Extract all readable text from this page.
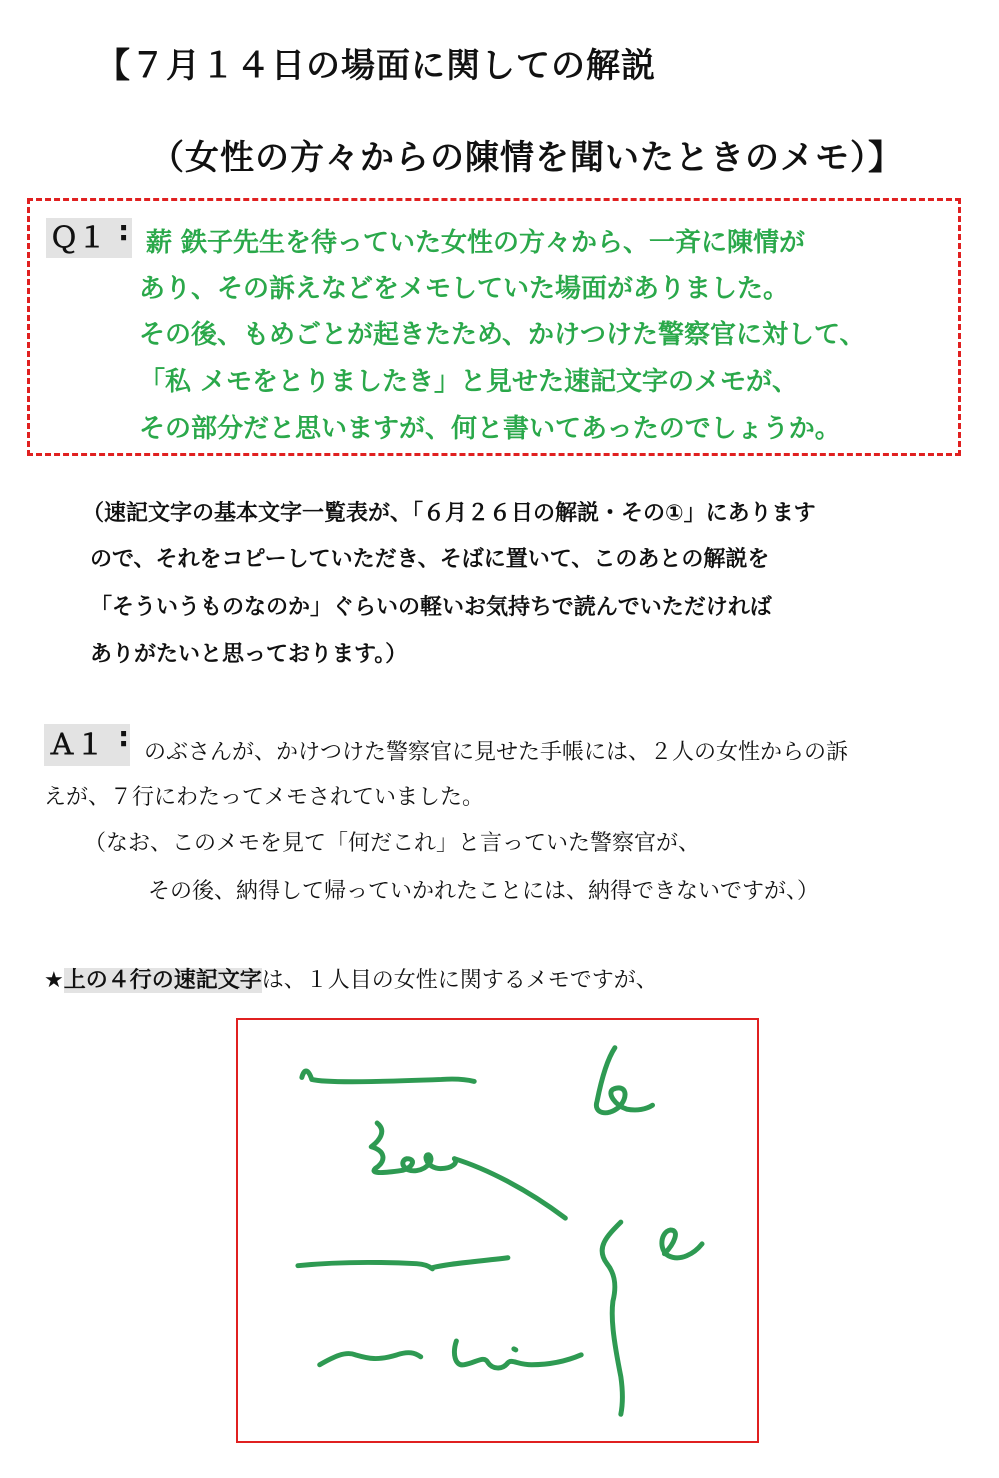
【７月１４日の場面に関しての解説
（女性の方々からの陳情を聞いたときのメモ）】
Ｑ１ : 薪 鉄子先生を待っていた女性の方々から、一斉に陳情が
あり、その訴えなどをメモしていた場面がありました。
その後、もめごとが起きたため、かけつけた警察官に対して、
「私 メモをとりましたき」と見せた速記文字のメモが、
その部分だと思いますが、何と書いてあったのでしょうか。
（速記文字の基本文字一覧表が、「６月２６日の解説・その①」にあります
ので、それをコピーしていただき、そばに置いて、このあとの解説を
「そういうものなのか」ぐらいの軽いお気持ちで読んでいただければ
ありがたいと思っております。）
Ａ１ : のぶさんが、かけつけた警察官に見せた手帳には、２人の女性からの訴
えが、７行にわたってメモされていました。
（なお、このメモを見て「何だこれ」と言っていた警察官が、
その後、納得して帰っていかれたことには、納得できないですが、）
★上の４行の速記文字は、１人目の女性に関するメモですが、
